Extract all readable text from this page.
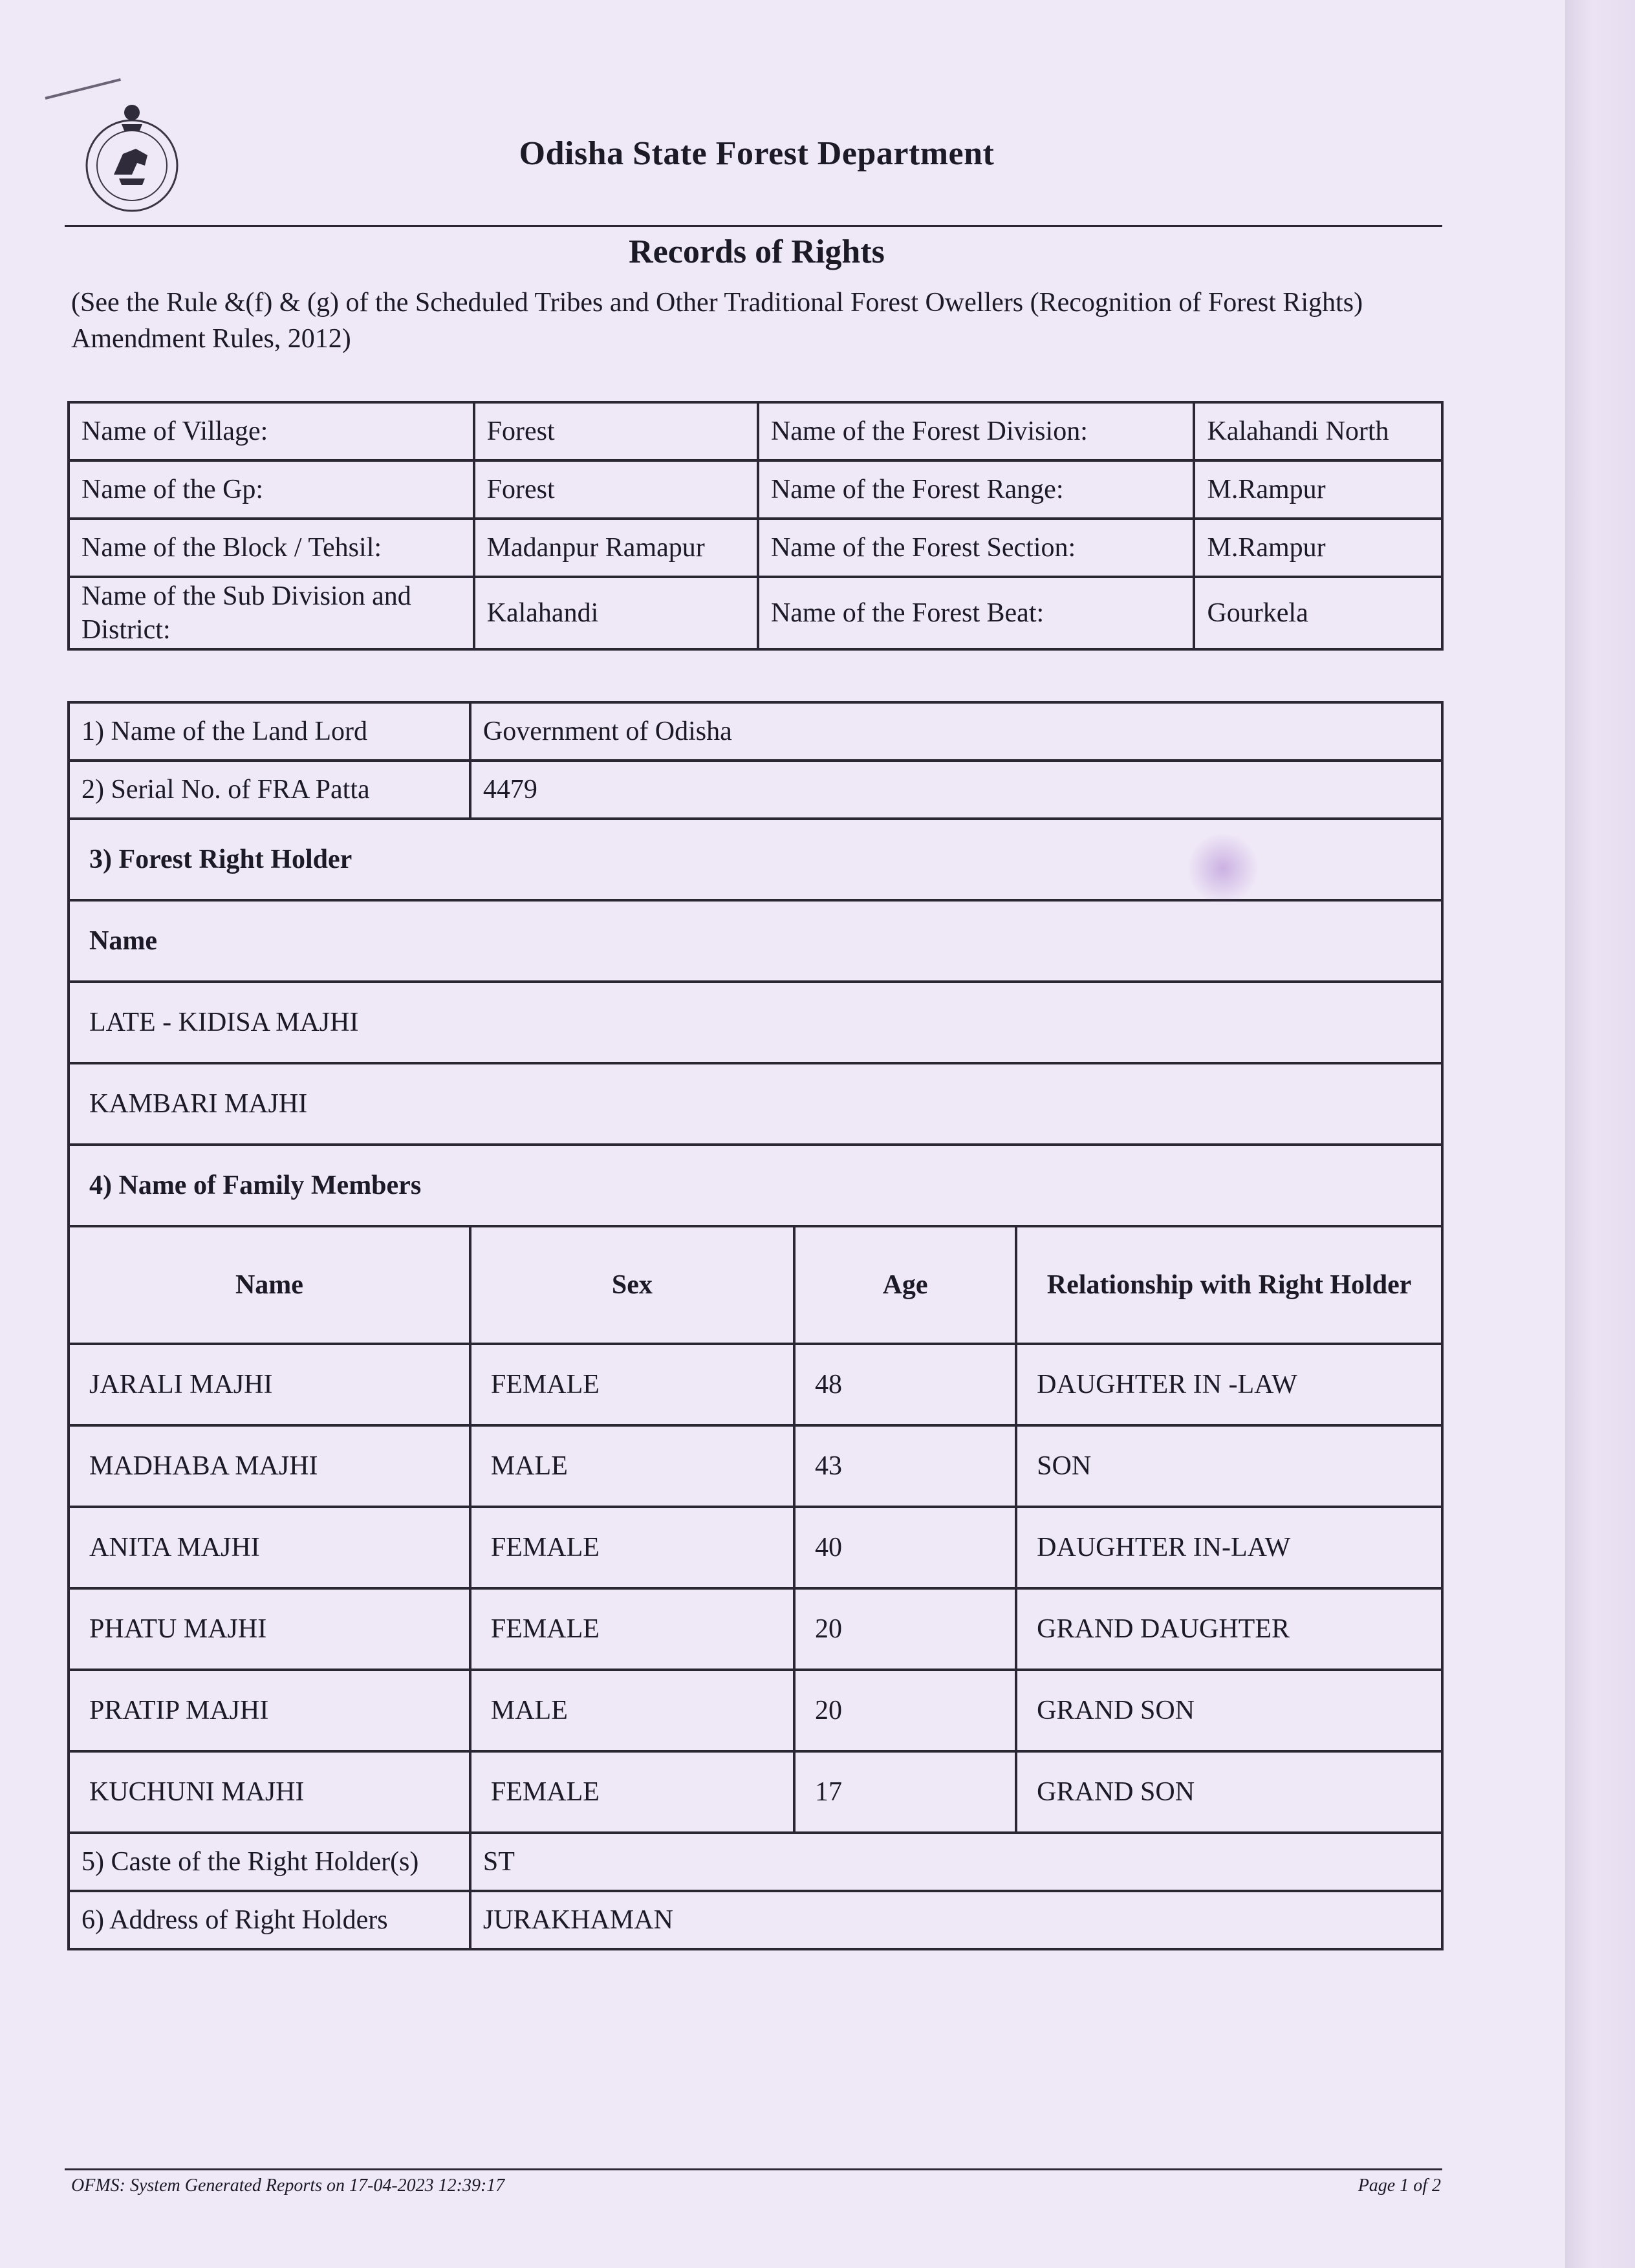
Odisha State Forest Department
Records of Rights
(See the Rule &(f) & (g) of the Scheduled Tribes and Other Traditional Forest Owellers (Recognition of Forest Rights) Amendment Rules, 2012)
Name of Village:	Forest	Name of the Forest Division:	Kalahandi North
Name of the Gp:	Forest	Name of the Forest Range:	M.Rampur
Name of the Block / Tehsil:	Madanpur Ramapur	Name of the Forest Section:	M.Rampur
Name of the Sub Division and District:	Kalahandi	Name of the Forest Beat:	Gourkela
1) Name of the Land Lord	Government of Odisha		
2) Serial No. of FRA Patta	4479		
3) Forest Right Holder			
Name			
LATE - KIDISA MAJHI			
KAMBARI MAJHI			
4) Name of Family Members			
Name	Sex	Age	Relationship with Right Holder
JARALI MAJHI	FEMALE	48	DAUGHTER IN -LAW
MADHABA MAJHI	MALE	43	SON
ANITA MAJHI	FEMALE	40	DAUGHTER IN-LAW
PHATU MAJHI	FEMALE	20	GRAND DAUGHTER
PRATIP MAJHI	MALE	20	GRAND SON
KUCHUNI MAJHI	FEMALE	17	GRAND SON
5) Caste of the Right Holder(s)	ST		
6) Address of Right Holders	JURAKHAMAN		
OFMS: System Generated Reports on 17-04-2023 12:39:17	Page 1 of 2
